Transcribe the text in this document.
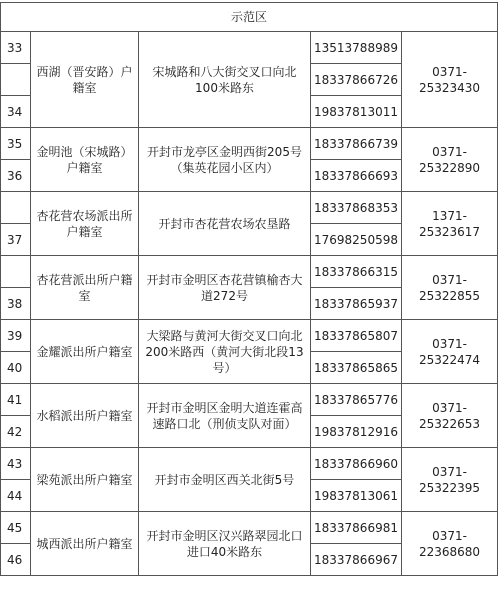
示范区				
33	西湖（晋安路）户籍室	宋城路和八大街交叉口向北100米路东	13513788989	0371-25323430
			18337866726	
34			19837813011	
35	金明池（宋城路）户籍室	开封市龙亭区金明西街205号（集英花园小区内）	18337866739	0371-25322890
36			18337866693	
	杏花营农场派出所户籍室	开封市杏花营农场农垦路	18337868353	1371-25323617
37			17698250598	
	杏花营派出所户籍室	开封市金明区杏花营镇榆杏大道272号	18337866315	0371-25322855
38			18337865937	
39	金耀派出所户籍室	大梁路与黄河大街交叉口向北200米路西（黄河大街北段13号）	18337865807	0371-25322474
40			18337865865	
41	水稻派出所户籍室	开封市金明区金明大道连霍高速路口北（刑侦支队对面）	18337865776	0371-25322653
42			19837812916	
43	梁苑派出所户籍室	开封市金明区西关北街5号	18337866960	0371-25322395
44			19837813061	
45	城西派出所户籍室	开封市金明区汉兴路翠园北口进口40米路东	18337866981	0371-22368680
46			18337866967	
